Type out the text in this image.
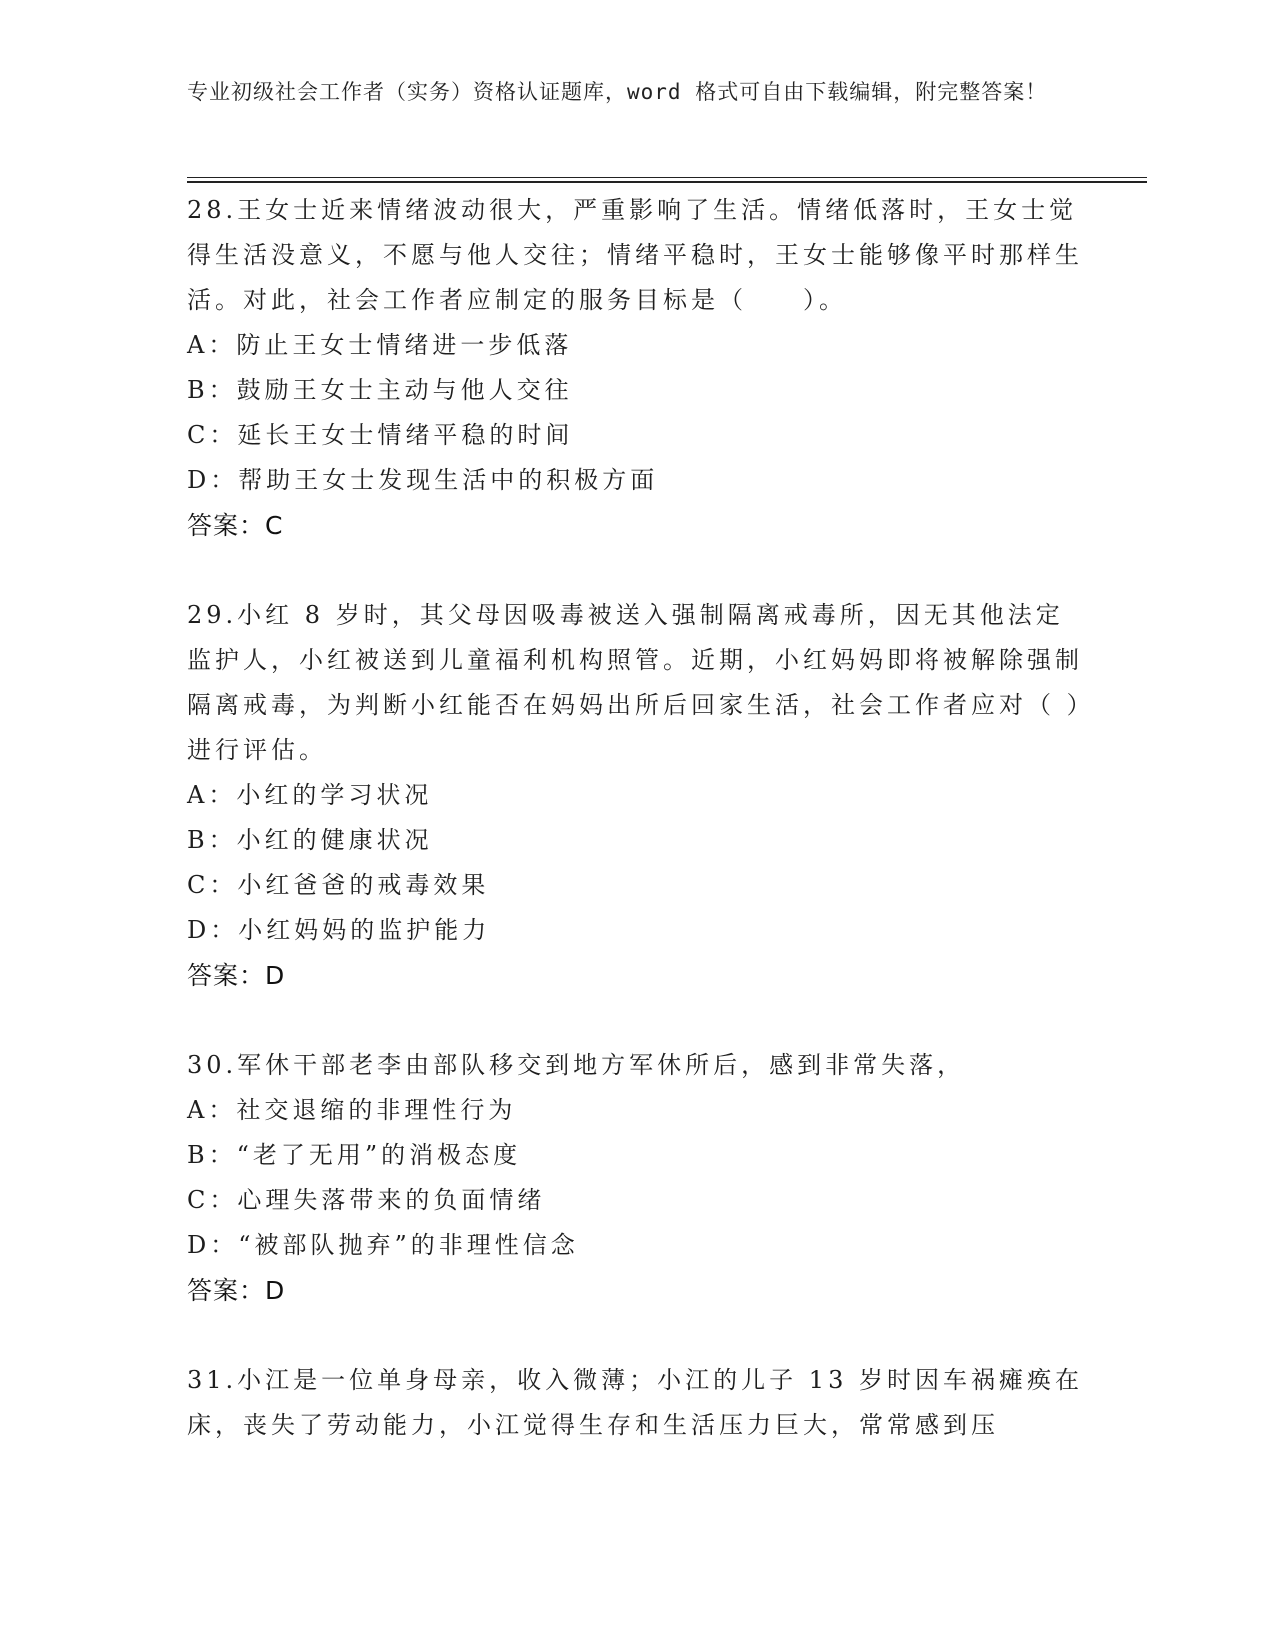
专业初级社会工作者（实务）资格认证题库，word 格式可自由下载编辑，附完整答案！
28.王女士近来情绪波动很大，严重影响了生活。情绪低落时，王女士觉得生活没意义，不愿与他人交往；情绪平稳时，王女士能够像平时那样生活。对此，社会工作者应制定的服务目标是（　　）。
A：防止王女士情绪进一步低落
B：鼓励王女士主动与他人交往
C：延长王女士情绪平稳的时间
D：帮助王女士发现生活中的积极方面
答案：C
29.小红 8 岁时，其父母因吸毒被送入强制隔离戒毒所，因无其他法定监护人，小红被送到儿童福利机构照管。近期，小红妈妈即将被解除强制隔离戒毒，为判断小红能否在妈妈出所后回家生活，社会工作者应对（ ）进行评估。
A：小红的学习状况
B：小红的健康状况
C：小红爸爸的戒毒效果
D：小红妈妈的监护能力
答案：D
30.军休干部老李由部队移交到地方军休所后，感到非常失落，
A：社交退缩的非理性行为
B：“老了无用”的消极态度
C：心理失落带来的负面情绪
D：“被部队抛弃”的非理性信念
答案：D
31.小江是一位单身母亲，收入微薄；小江的儿子 13 岁时因车祸瘫痪在床，丧失了劳动能力，小江觉得生存和生活压力巨大，常常感到压
